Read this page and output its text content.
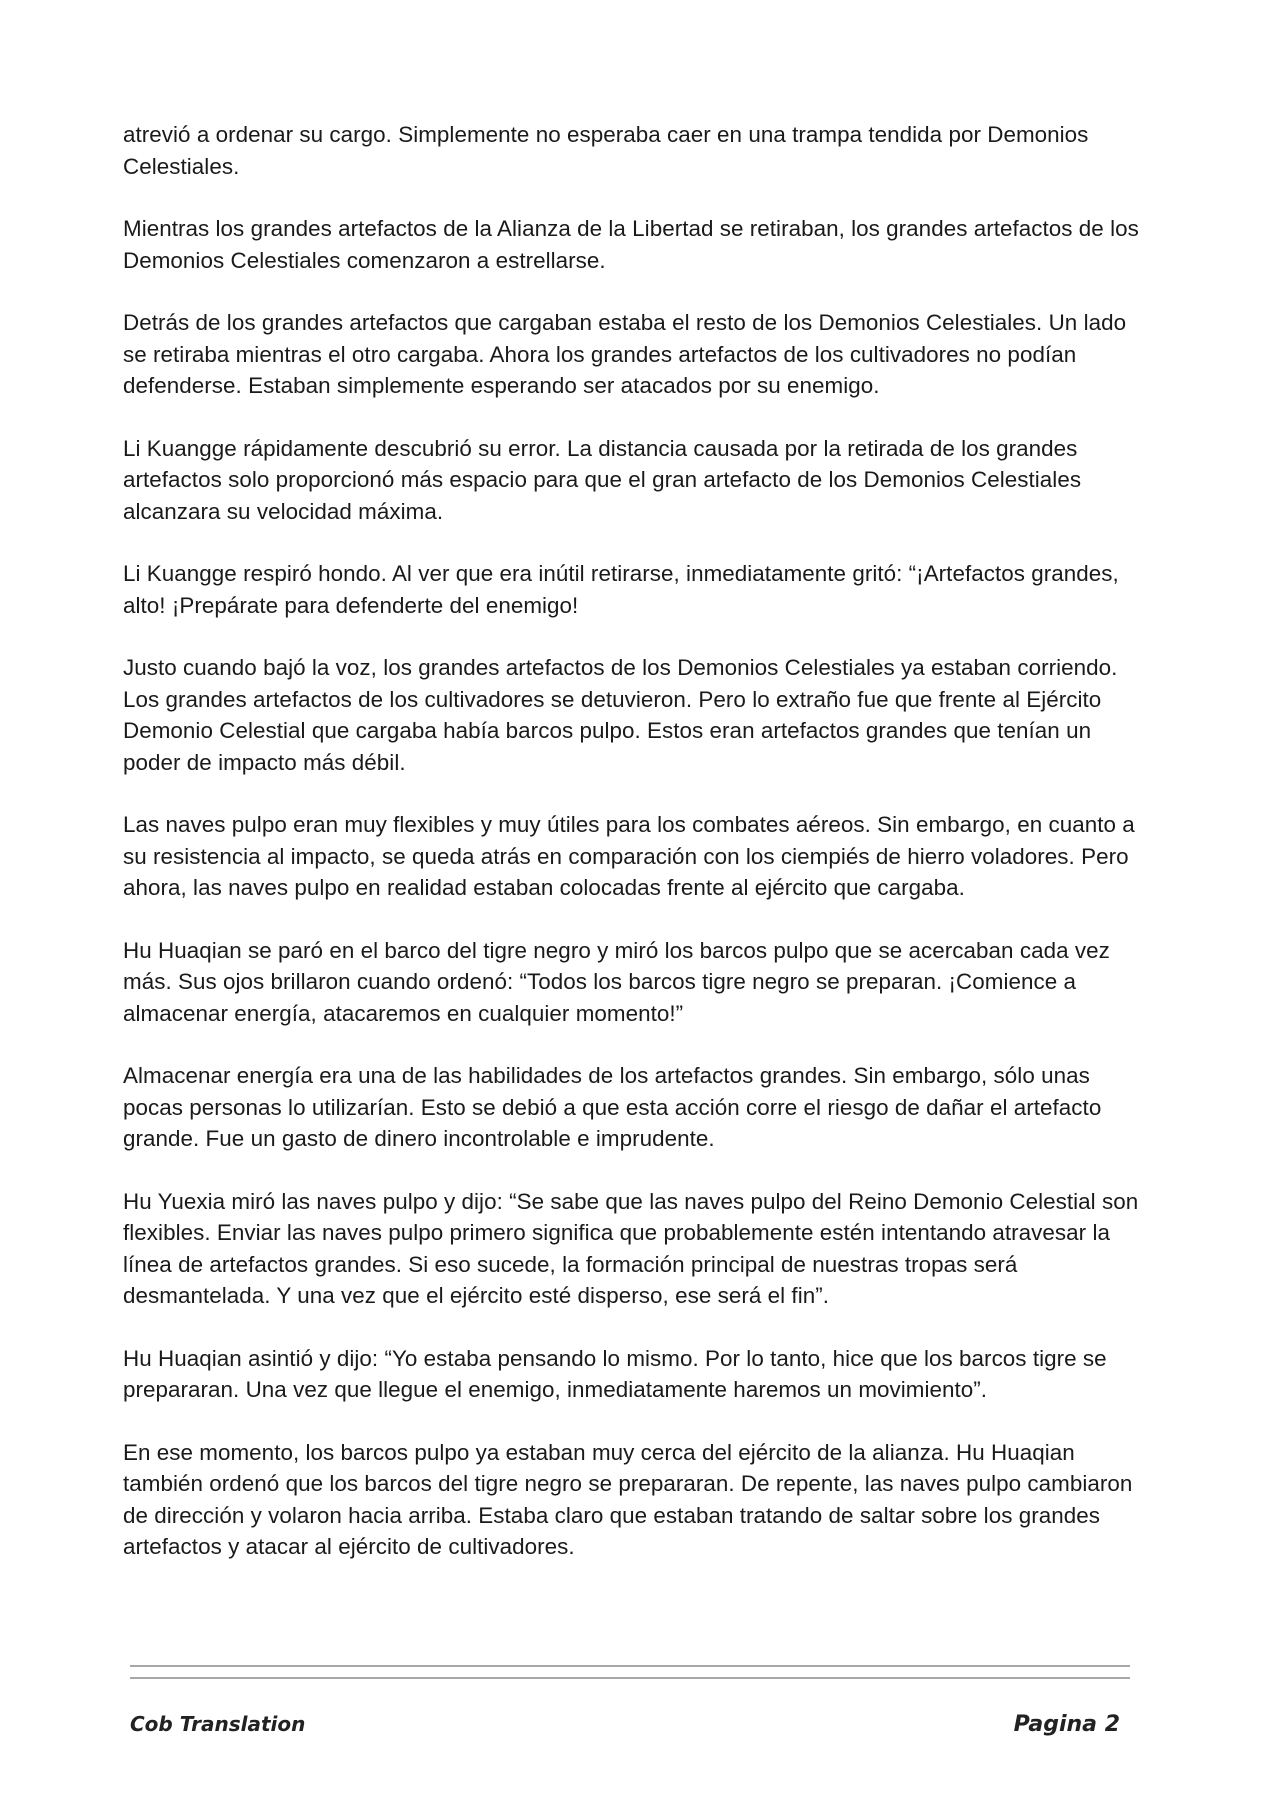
atrevió a ordenar su cargo. Simplemente no esperaba caer en una trampa tendida por Demonios Celestiales.

Mientras los grandes artefactos de la Alianza de la Libertad se retiraban, los grandes artefactos de los Demonios Celestiales comenzaron a estrellarse.

Detrás de los grandes artefactos que cargaban estaba el resto de los Demonios Celestiales. Un lado se retiraba mientras el otro cargaba. Ahora los grandes artefactos de los cultivadores no podían defenderse. Estaban simplemente esperando ser atacados por su enemigo.

Li Kuangge rápidamente descubrió su error. La distancia causada por la retirada de los grandes artefactos solo proporcionó más espacio para que el gran artefacto de los Demonios Celestiales alcanzara su velocidad máxima.

Li Kuangge respiró hondo. Al ver que era inútil retirarse, inmediatamente gritó: “¡Artefactos grandes, alto! ¡Prepárate para defenderte del enemigo!

Justo cuando bajó la voz, los grandes artefactos de los Demonios Celestiales ya estaban corriendo. Los grandes artefactos de los cultivadores se detuvieron. Pero lo extraño fue que frente al Ejército Demonio Celestial que cargaba había barcos pulpo. Estos eran artefactos grandes que tenían un poder de impacto más débil.

Las naves pulpo eran muy flexibles y muy útiles para los combates aéreos. Sin embargo, en cuanto a su resistencia al impacto, se queda atrás en comparación con los ciempiés de hierro voladores. Pero ahora, las naves pulpo en realidad estaban colocadas frente al ejército que cargaba.

Hu Huaqian se paró en el barco del tigre negro y miró los barcos pulpo que se acercaban cada vez más. Sus ojos brillaron cuando ordenó: “Todos los barcos tigre negro se preparan. ¡Comience a almacenar energía, atacaremos en cualquier momento!”

Almacenar energía era una de las habilidades de los artefactos grandes. Sin embargo, sólo unas pocas personas lo utilizarían. Esto se debió a que esta acción corre el riesgo de dañar el artefacto grande. Fue un gasto de dinero incontrolable e imprudente.

Hu Yuexia miró las naves pulpo y dijo: “Se sabe que las naves pulpo del Reino Demonio Celestial son flexibles. Enviar las naves pulpo primero significa que probablemente estén intentando atravesar la línea de artefactos grandes. Si eso sucede, la formación principal de nuestras tropas será desmantelada. Y una vez que el ejército esté disperso, ese será el fin”.

Hu Huaqian asintió y dijo: “Yo estaba pensando lo mismo. Por lo tanto, hice que los barcos tigre se prepararan. Una vez que llegue el enemigo, inmediatamente haremos un movimiento”.

En ese momento, los barcos pulpo ya estaban muy cerca del ejército de la alianza. Hu Huaqian también ordenó que los barcos del tigre negro se prepararan. De repente, las naves pulpo cambiaron de dirección y volaron hacia arriba. Estaba claro que estaban tratando de saltar sobre los grandes artefactos y atacar al ejército de cultivadores.

Cob Translation	Pagina 2
